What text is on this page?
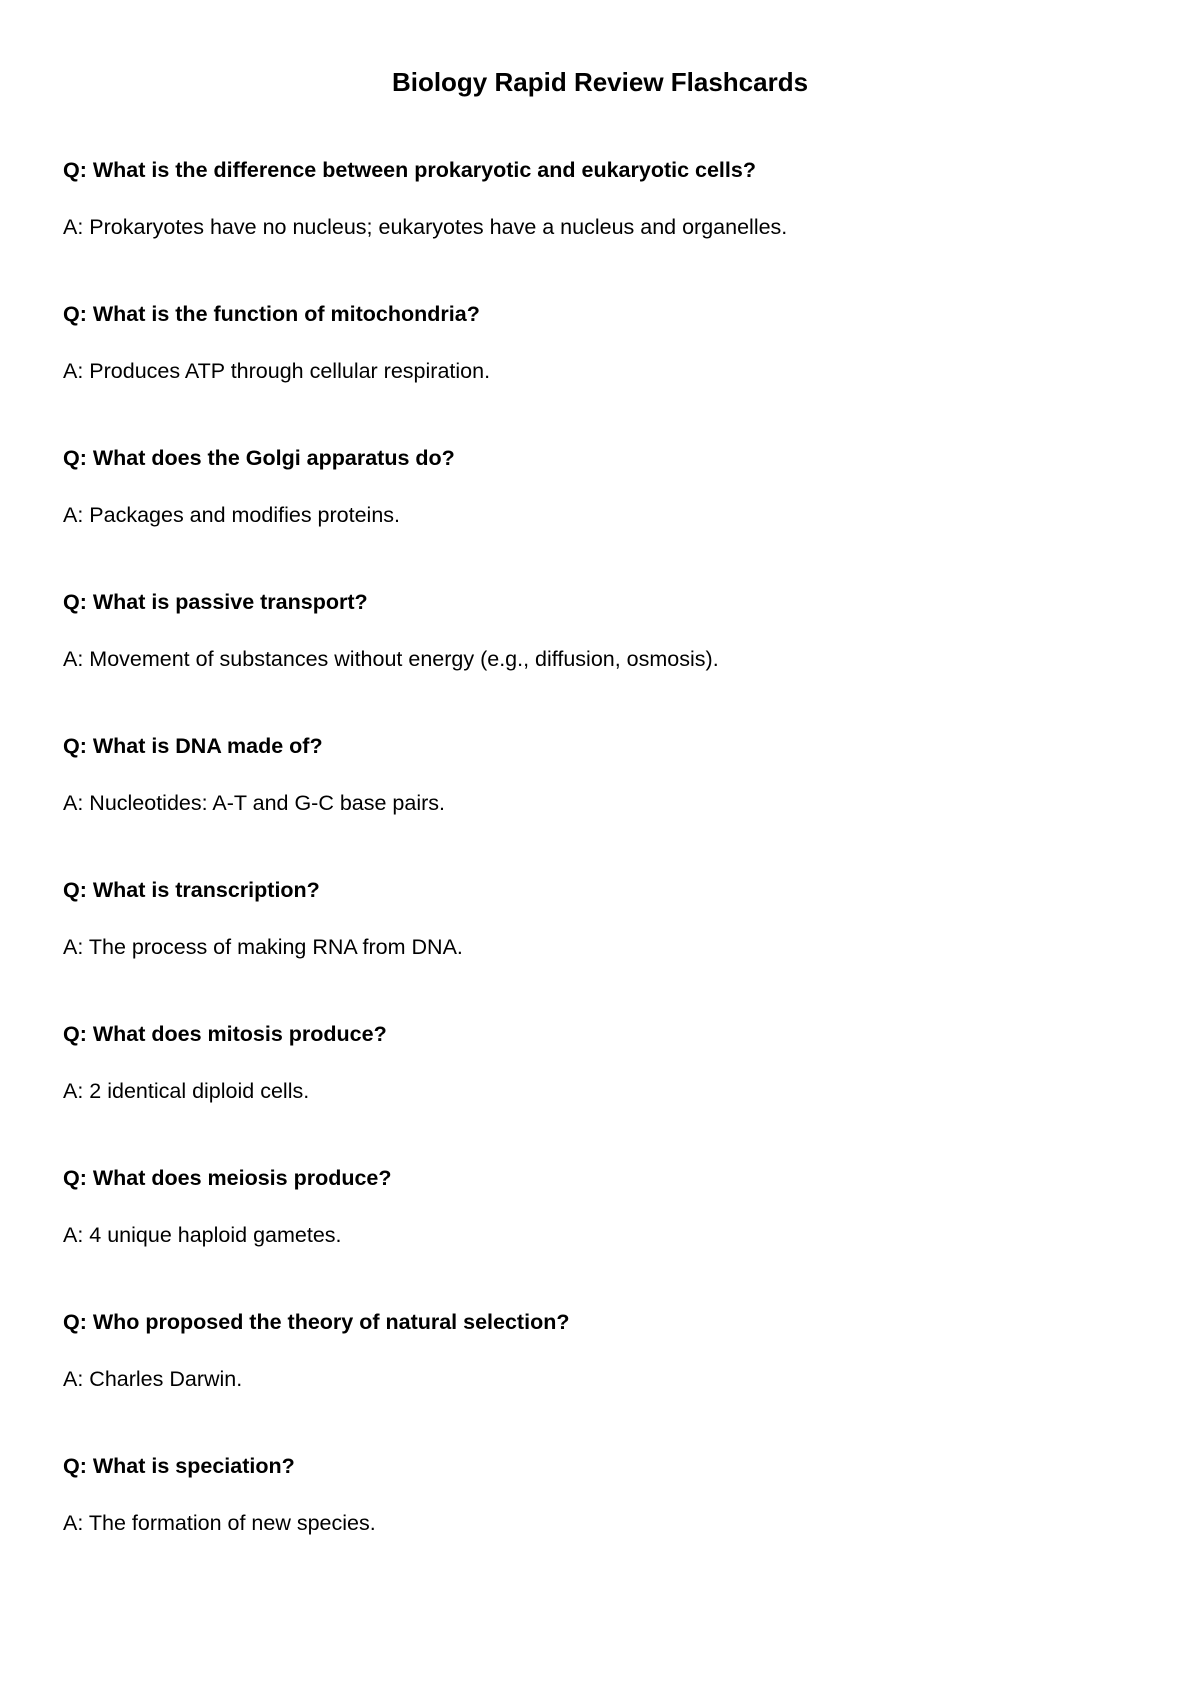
Biology Rapid Review Flashcards
Q: What is the difference between prokaryotic and eukaryotic cells?
A: Prokaryotes have no nucleus; eukaryotes have a nucleus and organelles.
Q: What is the function of mitochondria?
A: Produces ATP through cellular respiration.
Q: What does the Golgi apparatus do?
A: Packages and modifies proteins.
Q: What is passive transport?
A: Movement of substances without energy (e.g., diffusion, osmosis).
Q: What is DNA made of?
A: Nucleotides: A-T and G-C base pairs.
Q: What is transcription?
A: The process of making RNA from DNA.
Q: What does mitosis produce?
A: 2 identical diploid cells.
Q: What does meiosis produce?
A: 4 unique haploid gametes.
Q: Who proposed the theory of natural selection?
A: Charles Darwin.
Q: What is speciation?
A: The formation of new species.
